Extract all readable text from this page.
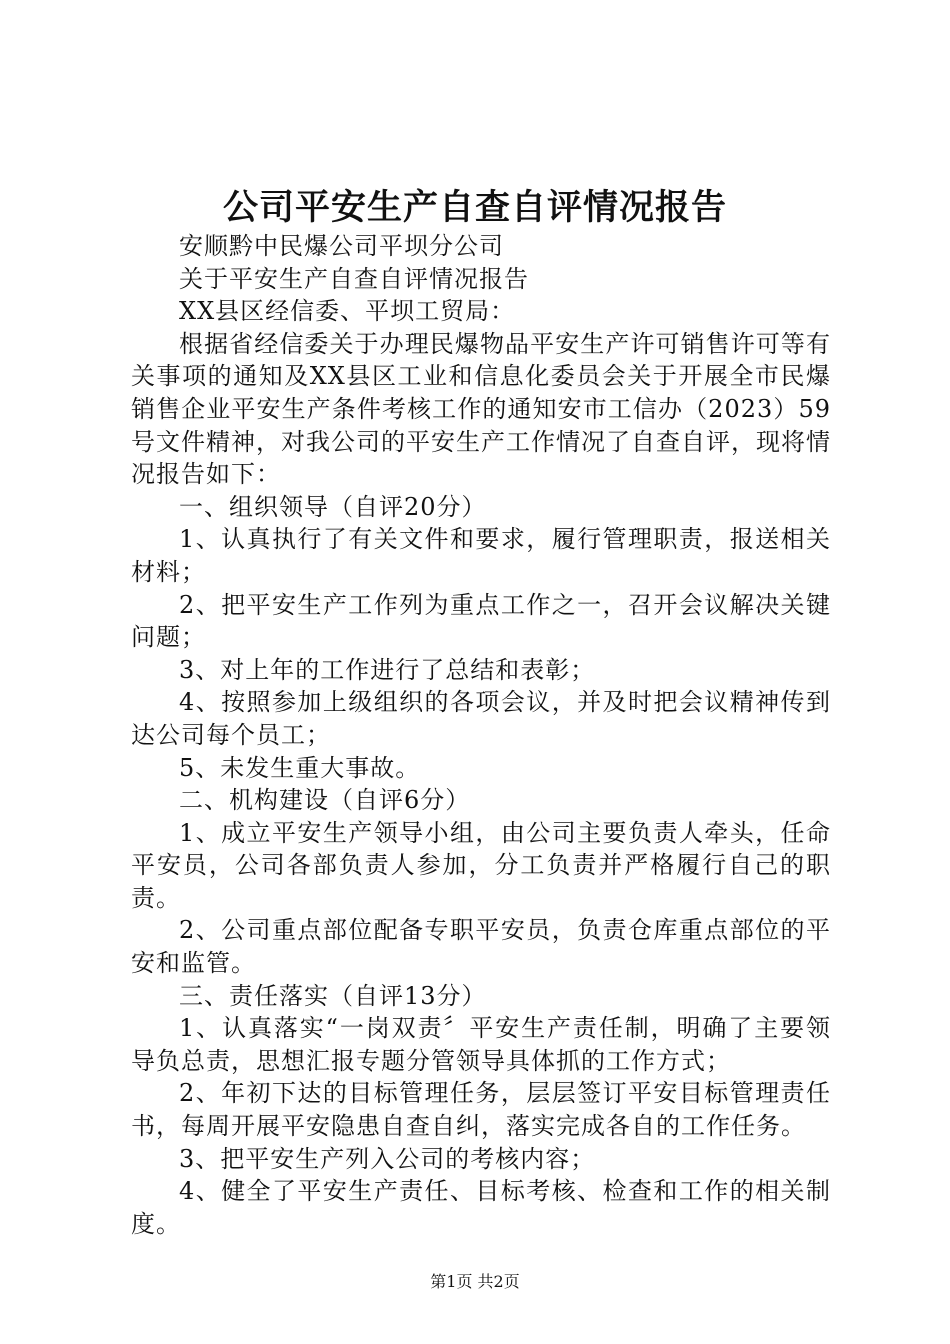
公司平安生产自查自评情况报告

安顺黔中民爆公司平坝分公司

关于平安生产自查自评情况报告

XX县区经信委、平坝工贸局：

根据省经信委关于办理民爆物品平安生产许可销售许可等有关事项的通知及XX县区工业和信息化委员会关于开展全市民爆销售企业平安生产条件考核工作的通知安市工信办（2023）59号文件精神，对我公司的平安生产工作情况了自查自评，现将情况报告如下：

一、组织领导（自评20分）

1、认真执行了有关文件和要求，履行管理职责，报送相关材料；

2、把平安生产工作列为重点工作之一，召开会议解决关键问题；

3、对上年的工作进行了总结和表彰；

4、按照参加上级组织的各项会议，并及时把会议精神传到达公司每个员工；

5、未发生重大事故。

二、机构建设（自评6分）

1、成立平安生产领导小组，由公司主要负责人牵头，任命平安员，公司各部负责人参加，分工负责并严格履行自己的职责。

2、公司重点部位配备专职平安员，负责仓库重点部位的平安和监管。

三、责任落实（自评13分）

1、认真落实“一岗双责〞平安生产责任制，明确了主要领导负总责，思想汇报专题分管领导具体抓的工作方式；

2、年初下达的目标管理任务，层层签订平安目标管理责任书，每周开展平安隐患自查自纠，落实完成各自的工作任务。

3、把平安生产列入公司的考核内容；

4、健全了平安生产责任、目标考核、检查和工作的相关制度。

第1页 共2页
